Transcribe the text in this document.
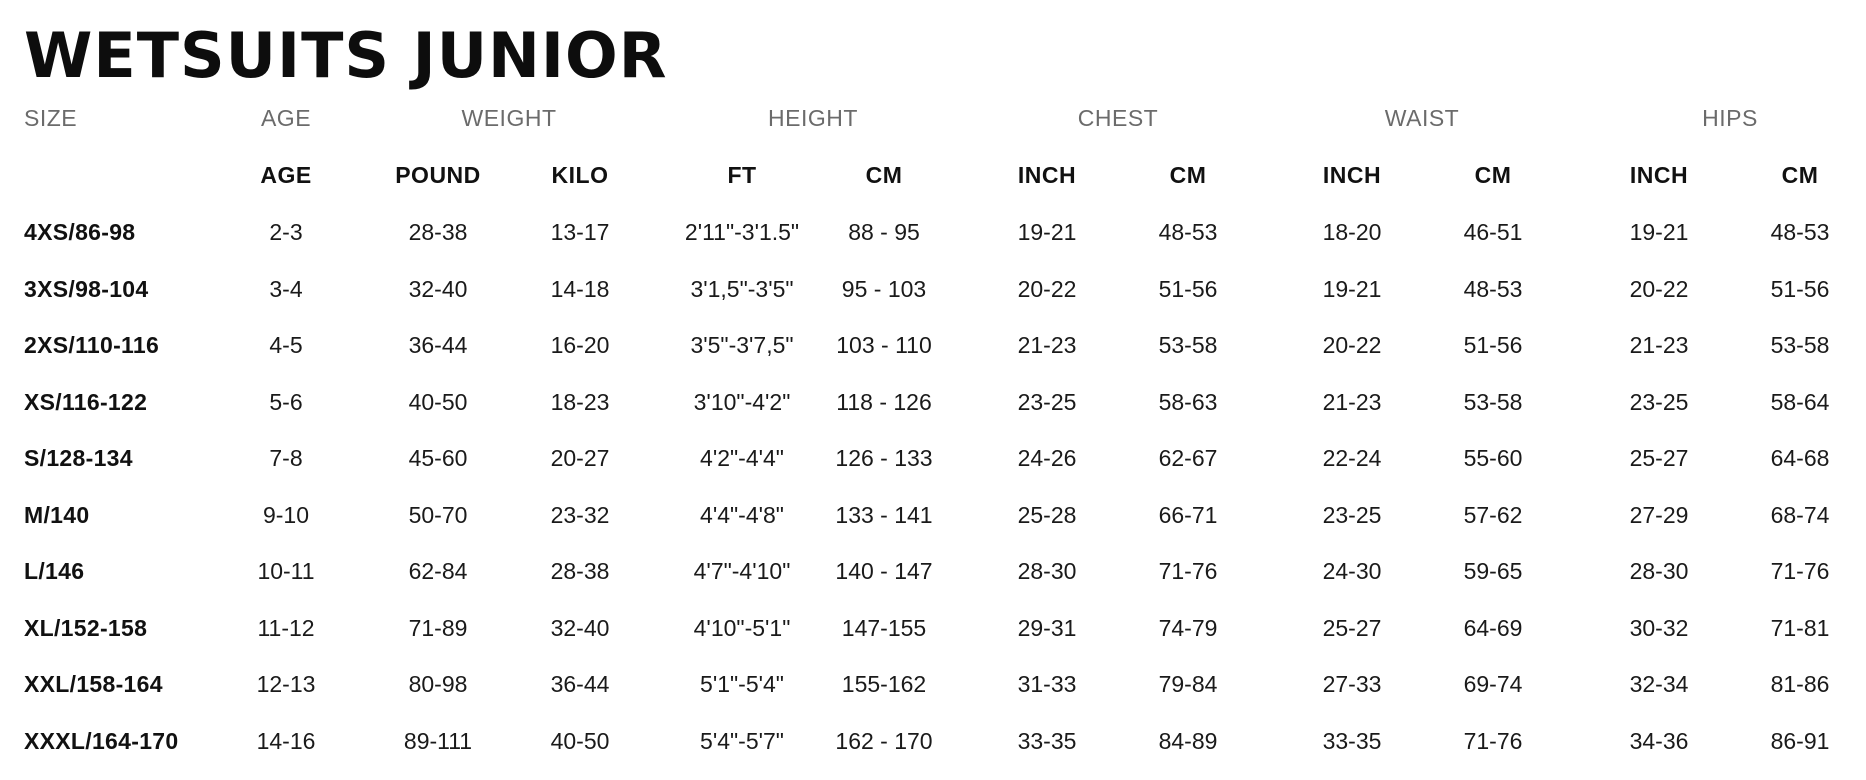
WETSUITS JUNIOR
SIZE	AGE	WEIGHT	HEIGHT	CHEST	WAIST	HIPS
AGE	POUND	KILO	FT	CM	INCH	CM	INCH	CM	INCH	CM
4XS/86-98	2-3	28-38	13-17	2'11"-3'1.5" 88 - 95	19-21	48-53	18-20	46-51	19-21	48-53
3XS/98-104	3-4	32-40	14-18	3'1,5"-3'5" 95 - 103	20-22	51-56	19-21	48-53	20-22	51-56
2XS/110-116	4-5	36-44	16-20	3'5"-3'7,5" 103 - 110	21-23	53-58	20-22	51-56	21-23	53-58
XS/116-122	5-6	40-50	18-23	3'10"-4'2" 118 - 126	23-25	58-63	21-23	53-58	23-25	58-64
S/128-134	7-8	45-60	20-27	4'2"-4'4" 126 - 133	24-26	62-67	22-24	55-60	25-27	64-68
M/140	9-10	50-70	23-32	4'4"-4'8" 133 - 141	25-28	66-71	23-25	57-62	27-29	68-74
L/146	10-11	62-84	28-38	4'7"-4'10" 140 - 147	28-30	71-76	24-30	59-65	28-30	71-76
XL/152-158	11-12	71-89	32-40	4'10"-5'1" 147-155	29-31	74-79	25-27	64-69	30-32	71-81
XXL/158-164	12-13	80-98	36-44	5'1"-5'4"	155-162	31-33	79-84	27-33	69-74	32-34	81-86
XXXL/164-170	14-16	89-111	40-50	5'4"-5'7" 162 - 170	33-35	84-89	33-35	71-76	34-36	86-91
